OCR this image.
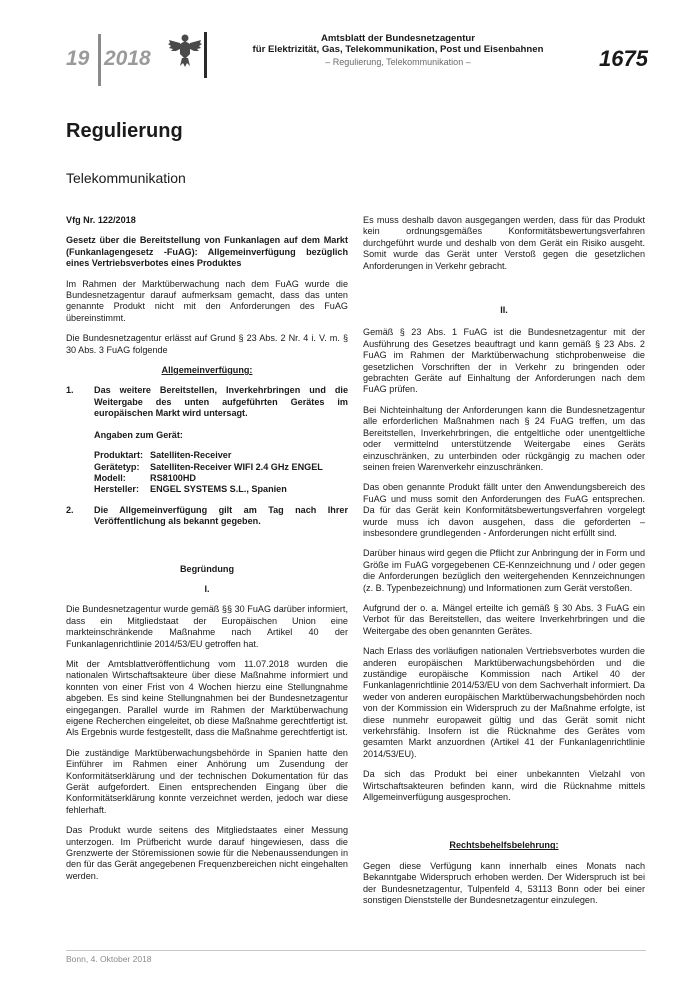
19 2018
Amtsblatt der Bundesnetzagentur
für Elektrizität, Gas, Telekommunikation, Post und Eisenbahnen
– Regulierung, Telekommunikation –	1675
Regulierung
Telekommunikation

Vfg Nr. 122/2018

Gesetz über die Bereitstellung von Funkanlagen auf dem Markt (Funkanlagengesetz -FuAG): Allgemeinverfügung bezüglich eines Vertriebsverbotes eines Produktes

Im Rahmen der Marktüberwachung nach dem FuAG wurde die Bundesnetzagentur darauf aufmerksam gemacht, dass das unten genannte Produkt nicht mit den Anforderungen des FuAG übereinstimmt.

Die Bundesnetzagentur erlässt auf Grund § 23 Abs. 2 Nr. 4 i. V. m. § 30 Abs. 3 FuAG folgende

Allgemeinverfügung:

1.	Das weitere Bereitstellen, Inverkehrbringen und die Weitergabe des unten aufgeführten Gerätes im europäischen Markt wird untersagt.

Angaben zum Gerät:

Produktart: Satelliten-Receiver
Gerätetyp:	Satelliten-Receiver WIFI 2.4 GHz ENGEL
Modell:	RS8100HD
Hersteller:	ENGEL SYSTEMS S.L., Spanien
2.	Die Allgemeinverfügung gilt am Tag nach Ihrer Veröffentlichung als bekannt gegeben.

Begründung

I.

Die Bundesnetzagentur wurde gemäß §§ 30 FuAG darüber informiert, dass ein Mitgliedstaat der Europäischen Union eine markteinschränkende Maßnahme nach Artikel 40 der Funkanlagenrichtlinie 2014/53/EU getroffen hat.

Mit der Amtsblattveröffentlichung vom 11.07.2018 wurden die nationalen Wirtschaftsakteure über diese Maßnahme informiert und konnten von einer Frist von 4 Wochen hierzu eine Stellungnahme abgeben. Es sind keine Stellungnahmen bei der Bundesnetzagentur eingegangen. Parallel wurde im Rahmen der Marktüberwachung eigene Recherchen eingeleitet, ob diese Maßnahme gerechtfertigt ist. Als Ergebnis wurde festgestellt, dass die Maßnahme gerechtfertigt ist.

Die zuständige Marktüberwachungsbehörde in Spanien hatte den Einführer im Rahmen einer Anhörung um Zusendung der Konformitätserklärung und der technischen Dokumentation für das Gerät aufgefordert. Einen entsprechenden Eingang über die Konformitätserklärung konnte verzeichnet werden, jedoch war diese fehlerhaft.

Das Produkt wurde seitens des Mitgliedstaates einer Messung unterzogen. Im Prüfbericht wurde darauf hingewiesen, dass die Grenzwerte der Störemissionen sowie für die Nebenaussendungen in den für das Gerät angegebenen Frequenzbereichen nicht eingehalten werden.

Es muss deshalb davon ausgegangen werden, dass für das Produkt kein ordnungsgemäßes Konformitätsbewertungsverfahren durchgeführt wurde und deshalb von dem Gerät ein Risiko ausgeht. Somit wurde das Gerät unter Verstoß gegen die gesetzlichen Anforderungen in Verkehr gebracht.

II.

Gemäß § 23 Abs. 1 FuAG ist die Bundesnetzagentur mit der Ausführung des Gesetzes beauftragt und kann gemäß § 23 Abs. 2 FuAG im Rahmen der Marktüberwachung stichprobenweise die gesetzlichen Vorschriften der in Verkehr zu bringenden oder gebrachten Geräte auf Einhaltung der Anforderungen nach dem FuAG prüfen.

Bei Nichteinhaltung der Anforderungen kann die Bundesnetzagentur alle erforderlichen Maßnahmen nach § 24 FuAG treffen, um das Bereitstellen, Inverkehrbringen, die entgeltliche oder unentgeltliche oder vermittelnd unterstützende Weitergabe eines Geräts einzuschränken, zu unterbinden oder rückgängig zu machen oder seinen freien Warenverkehr einzuschränken.

Das oben genannte Produkt fällt unter den Anwendungsbereich des FuAG und muss somit den Anforderungen des FuAG entsprechen. Da für das Gerät kein Konformitätsbewertungsverfahren vorgelegt wurde muss ich davon ausgehen, dass die geforderten – insbesondere grundlegenden - Anforderungen nicht erfüllt sind.

Darüber hinaus wird gegen die Pflicht zur Anbringung der in Form und Größe im FuAG vorgegebenen CE-Kennzeichnung und / oder gegen die Anforderungen bezüglich den weitergehenden Kennzeichnungen (z. B. Typenbezeichnung) und Informationen zum Gerät verstoßen.

Aufgrund der o. a. Mängel erteilte ich gemäß § 30 Abs. 3 FuAG ein Verbot für das Bereitstellen, das weitere Inverkehrbringen und die Weitergabe des oben genannten Gerätes.

Nach Erlass des vorläufigen nationalen Vertriebsverbotes wurden die anderen europäischen Marktüberwachungsbehörden und die zuständige europäische Kommission nach Artikel 40 der Funkanlagenrichtlinie 2014/53/EU von dem Sachverhalt informiert. Da weder von anderen europäischen Marktüberwachungsbehörden noch von der Kommission ein Widerspruch zu der Maßnahme erfolgte, ist diese nunmehr europaweit gültig und das Gerät somit nicht verkehrsfähig. Insofern ist die Rücknahme des Gerätes vom gesamten Markt anzuordnen (Artikel 41 der Funkanlagenrichtlinie 2014/53/EU).

Da sich das Produkt bei einer unbekannten Vielzahl von Wirtschaftsakteuren befinden kann, wird die Rücknahme mittels Allgemeinverfügung ausgesprochen.

Rechtsbehelfsbelehrung:

Gegen diese Verfügung kann innerhalb eines Monats nach Bekanntgabe Widerspruch erhoben werden. Der Widerspruch ist bei der Bundesnetzagentur, Tulpenfeld 4, 53113 Bonn oder bei einer sonstigen Dienststelle der Bundesnetzagentur einzulegen.

Bonn, 4. Oktober 2018
